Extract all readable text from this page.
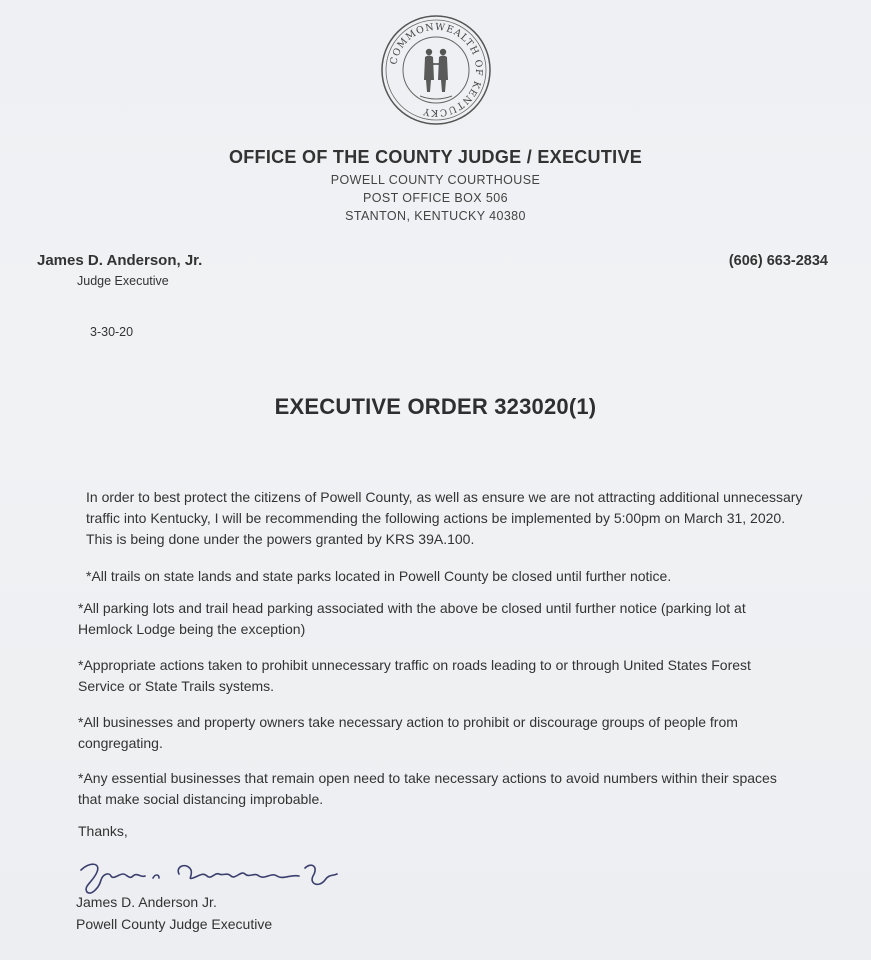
COMMONWEALTH OF KENTUCKY
OFFICE OF THE COUNTY JUDGE / EXECUTIVE
POWELL COUNTY COURTHOUSE
POST OFFICE BOX 506
STANTON, KENTUCKY 40380
James D. Anderson, Jr.
Judge Executive
(606) 663-2834
3-30-20
EXECUTIVE ORDER 323020(1)

In order to best protect the citizens of Powell County, as well as ensure we are not attracting additional unnecessary traffic into Kentucky, I will be recommending the following actions be implemented by 5:00pm on March 31, 2020. This is being done under the powers granted by KRS 39A.100.

*All trails on state lands and state parks located in Powell County be closed until further notice.

*All parking lots and trail head parking associated with the above be closed until further notice (parking lot at Hemlock Lodge being the exception)

*Appropriate actions taken to prohibit unnecessary traffic on roads leading to or through United States Forest Service or State Trails systems.

*All businesses and property owners take necessary action to prohibit or discourage groups of people from congregating.

*Any essential businesses that remain open need to take necessary actions to avoid numbers within their spaces that make social distancing improbable.

Thanks,
James D. Anderson Jr.
Powell County Judge Executive
